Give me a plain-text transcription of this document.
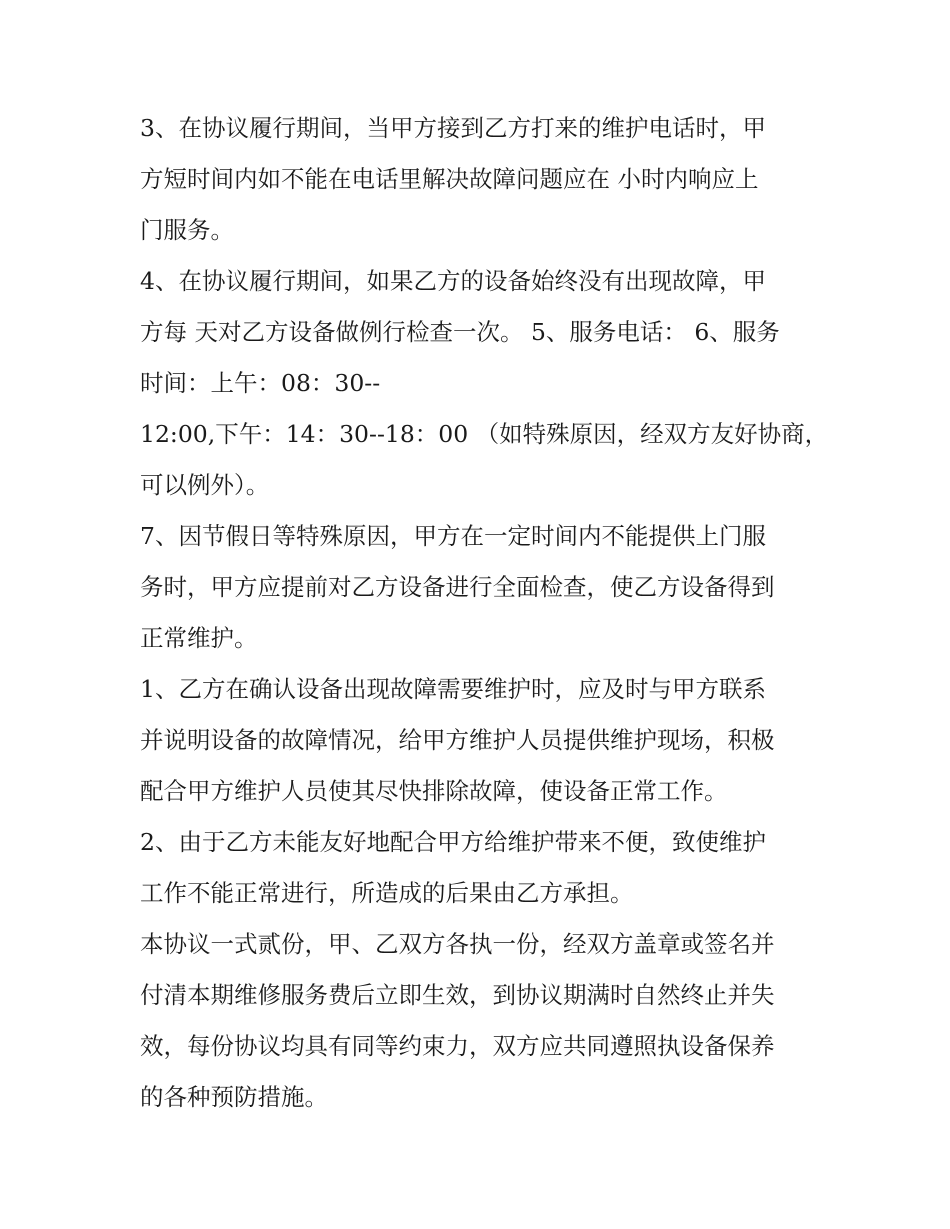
3、在协议履行期间，当甲方接到乙方打来的维护电话时，甲
方短时间内如不能在电话里解决故障问题应在 小时内响应上
门服务。

4、在协议履行期间，如果乙方的设备始终没有出现故障，甲
方每 天对乙方设备做例行检查一次。 5、服务电话： 6、服务
时间：上午：08：30--

12:00,下午：14：30--18：00 （如特殊原因，经双方友好协商，
可以例外）。

7、因节假日等特殊原因，甲方在一定时间内不能提供上门服
务时，甲方应提前对乙方设备进行全面检查，使乙方设备得到
正常维护。

1、乙方在确认设备出现故障需要维护时，应及时与甲方联系
并说明设备的故障情况，给甲方维护人员提供维护现场，积极
配合甲方维护人员使其尽快排除故障，使设备正常工作。

2、由于乙方未能友好地配合甲方给维护带来不便，致使维护
工作不能正常进行，所造成的后果由乙方承担。

本协议一式贰份，甲、乙双方各执一份，经双方盖章或签名并
付清本期维修服务费后立即生效，到协议期满时自然终止并失
效，每份协议均具有同等约束力，双方应共同遵照执设备保养
的各种预防措施。
